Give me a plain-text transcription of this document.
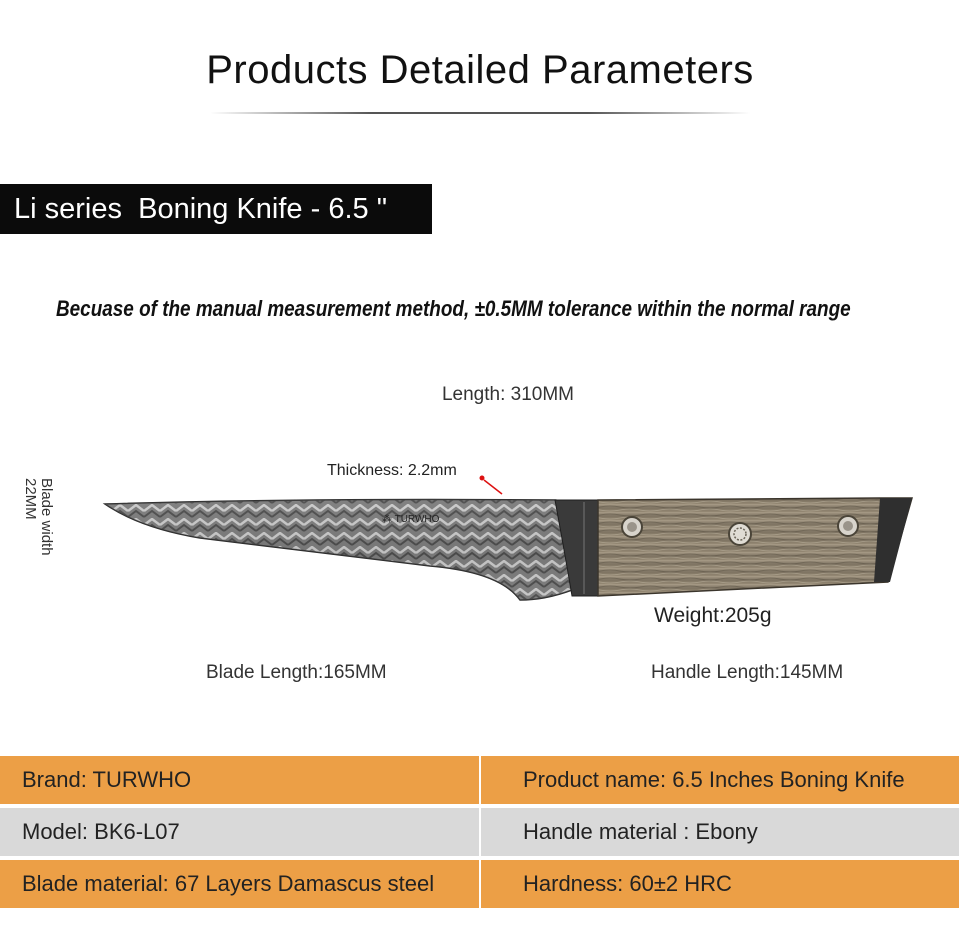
Products Detailed Parameters
Li series  Boning Knife - 6.5 "
Becuase of the manual measurement method, ±0.5MM tolerance within the normal range
⁂ TURWHO
Length: 310MM
Thickness: 2.2mm
Blade width
22MM
Weight:205g
Blade Length:165MM	Handle Length:145MM
Brand: TURWHO	Product name: 6.5 Inches Boning Knife
Model: BK6-L07	Handle material : Ebony
Blade material: 67 Layers Damascus steel	Hardness: 60±2 HRC
